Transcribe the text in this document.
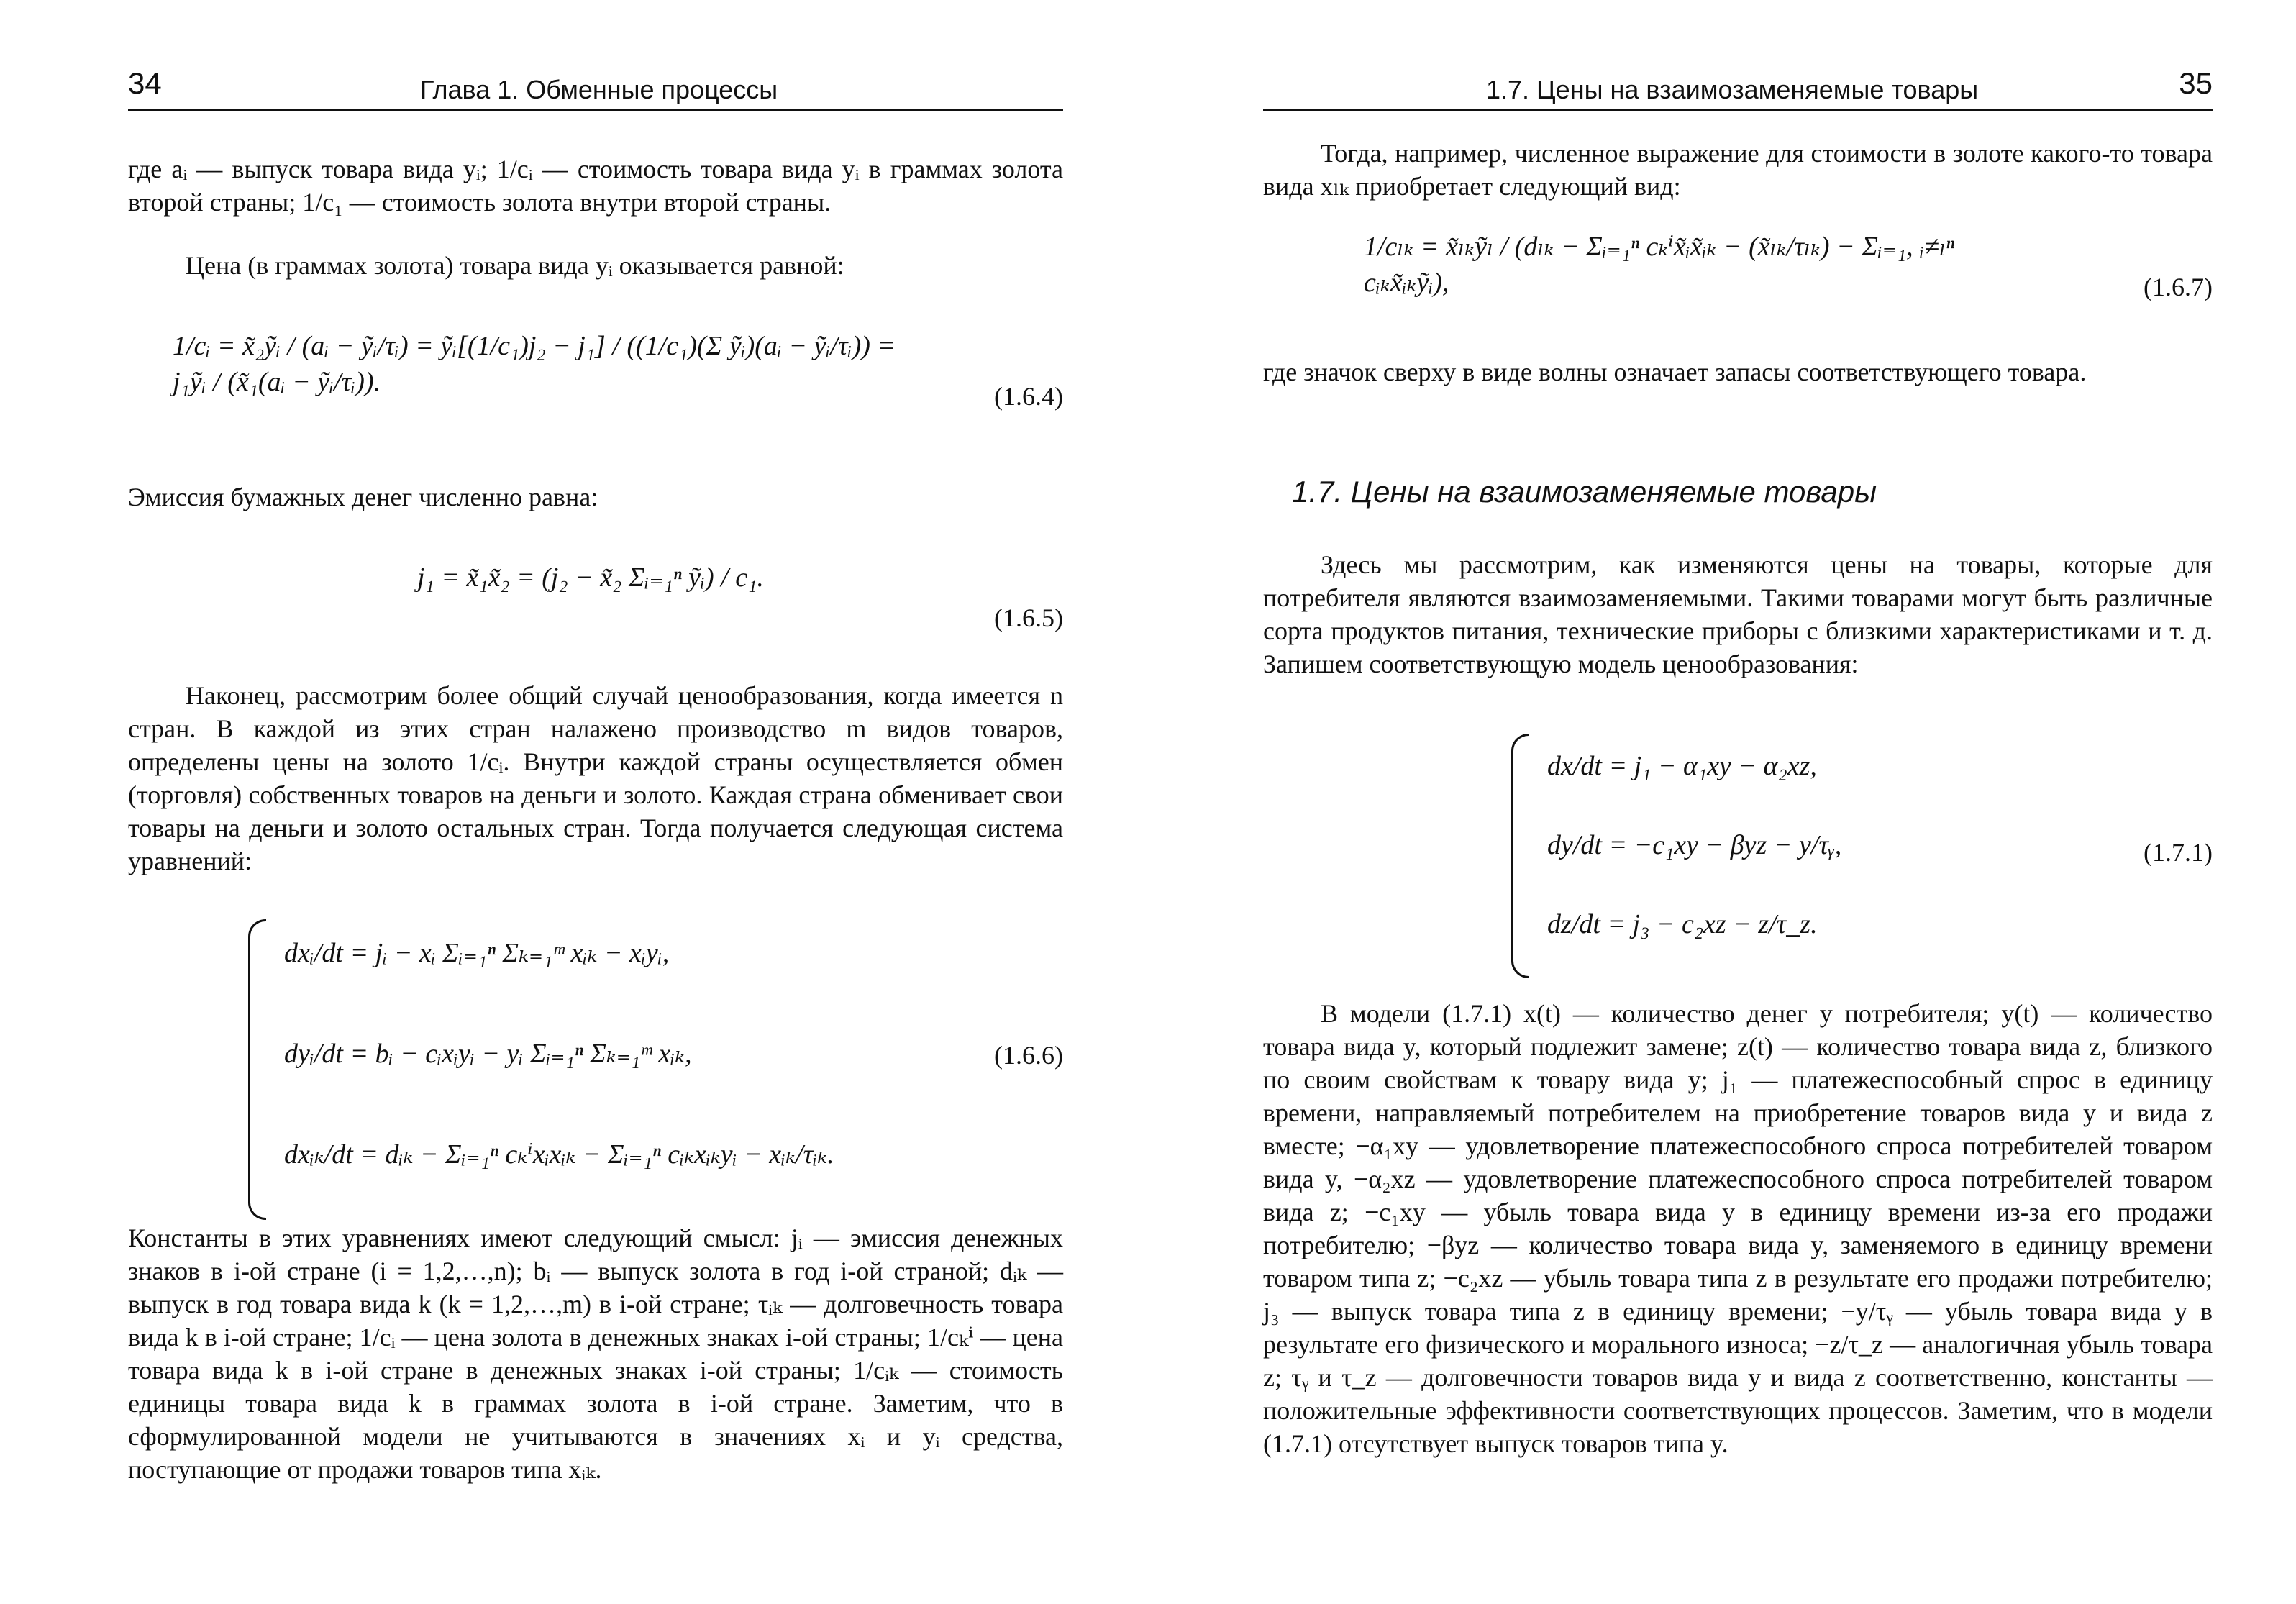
34	Глава 1. Обменные процессы

где aᵢ — выпуск товара вида yᵢ; 1/cᵢ — стоимость товара вида yᵢ в граммах золота второй страны; 1/c₁ — стоимость золота внутри второй страны.

Цена (в граммах золота) товара вида yᵢ оказывается равной:

1/cᵢ = x̃₂ỹᵢ / (aᵢ − ỹᵢ/τᵢ) = ỹᵢ[(1/c₁)j₂ − j₁] / ((1/c₁)(Σ ỹᵢ)(aᵢ − ỹᵢ/τᵢ)) = j₁ỹᵢ / (x̃₁(aᵢ − ỹᵢ/τᵢ)).	(1.6.4)

Эмиссия бумажных денег численно равна:

j₁ = x̃₁x̃₂ = (j₂ − x̃₂ Σᵢ₌₁ⁿ ỹᵢ) / c₁.
(1.6.5)

Наконец, рассмотрим более общий случай ценообразования, когда имеется n стран. В каждой из этих стран налажено производство m видов товаров, определены цены на золото 1/cᵢ. Внутри каждой страны осуществляется обмен (торговля) собственных товаров на деньги и золото. Каждая страна обменивает свои товары на деньги и золото остальных стран. Тогда получается следующая система уравнений:

dxᵢ/dt = jᵢ − xᵢ Σᵢ₌₁ⁿ Σₖ₌₁ᵐ xᵢₖ − xᵢyᵢ,
dyᵢ/dt = bᵢ − cᵢxᵢyᵢ − yᵢ Σᵢ₌₁ⁿ Σₖ₌₁ᵐ xᵢₖ,
dxᵢₖ/dt = dᵢₖ − Σᵢ₌₁ⁿ cₖⁱxᵢxᵢₖ − Σᵢ₌₁ⁿ cᵢₖxᵢₖyᵢ − xᵢₖ/τᵢₖ.
(1.6.6)

Константы в этих уравнениях имеют следующий смысл: jᵢ — эмиссия денежных знаков в i-ой стране (i = 1,2,…,n); bᵢ — выпуск золота в год i-ой страной; dᵢₖ — выпуск в год товара вида k (k = 1,2,…,m) в i-ой стране; τᵢₖ — долговечность товара вида k в i-ой стране; 1/cᵢ — цена золота в денежных знаках i-ой страны; 1/cₖⁱ — цена товара вида k в i-ой стране в денежных знаках i-ой страны; 1/cᵢₖ — стоимость единицы товара вида k в граммах золота в i-ой стране. Заметим, что в сформулированной модели не учитываются в значениях xᵢ и yᵢ средства, поступающие от продажи товаров типа xᵢₖ.

1.7. Цены на взаимозаменяемые товары	35

Тогда, например, численное выражение для стоимости в золоте какого-то товара вида xₗₖ приобретает следующий вид:

1/cₗₖ = x̃ₗₖỹₗ / (dₗₖ − Σᵢ₌₁ⁿ cₖⁱx̃ᵢx̃ᵢₖ − (x̃ₗₖ/τₗₖ) − Σᵢ₌₁, ᵢ≠ₗⁿ cᵢₖx̃ᵢₖỹᵢ),	(1.6.7)

где значок сверху в виде волны означает запасы соответствующего товара.

1.7. Цены на взаимозаменяемые товары

Здесь мы рассмотрим, как изменяются цены на товары, которые для потребителя являются взаимозаменяемыми. Такими товарами могут быть различные сорта продуктов питания, технические приборы с близкими характеристиками и т. д. Запишем соответствующую модель ценообразования:

dx/dt = j₁ − α₁xy − α₂xz,
dy/dt = −c₁xy − βyz − y/τᵧ,
dz/dt = j₃ − c₂xz − z/τ_z.
(1.7.1)

В модели (1.7.1) x(t) — количество денег у потребителя; y(t) — количество товара вида y, который подлежит замене; z(t) — количество товара вида z, близкого по своим свойствам к товару вида y; j₁ — платежеспособный спрос в единицу времени, направляемый потребителем на приобретение товаров вида y и вида z вместе; −α₁xy — удовлетворение платежеспособного спроса потребителей товаром вида y, −α₂xz — удовлетворение платежеспособного спроса потребителей товаром вида z; −c₁xy — убыль товара вида y в единицу времени из-за его продажи потребителю; −βyz — количество товара вида y, заменяемого в единицу времени товаром типа z; −c₂xz — убыль товара типа z в результате его продажи потребителю; j₃ — выпуск товара типа z в единицу времени; −y/τᵧ — убыль товара вида y в результате его физического и морального износа; −z/τ_z — аналогичная убыль товара z; τᵧ и τ_z — долговечности товаров вида y и вида z соответственно, константы — положительные эффективности соответствующих процессов. Заметим, что в модели (1.7.1) отсутствует выпуск товаров типа y.
